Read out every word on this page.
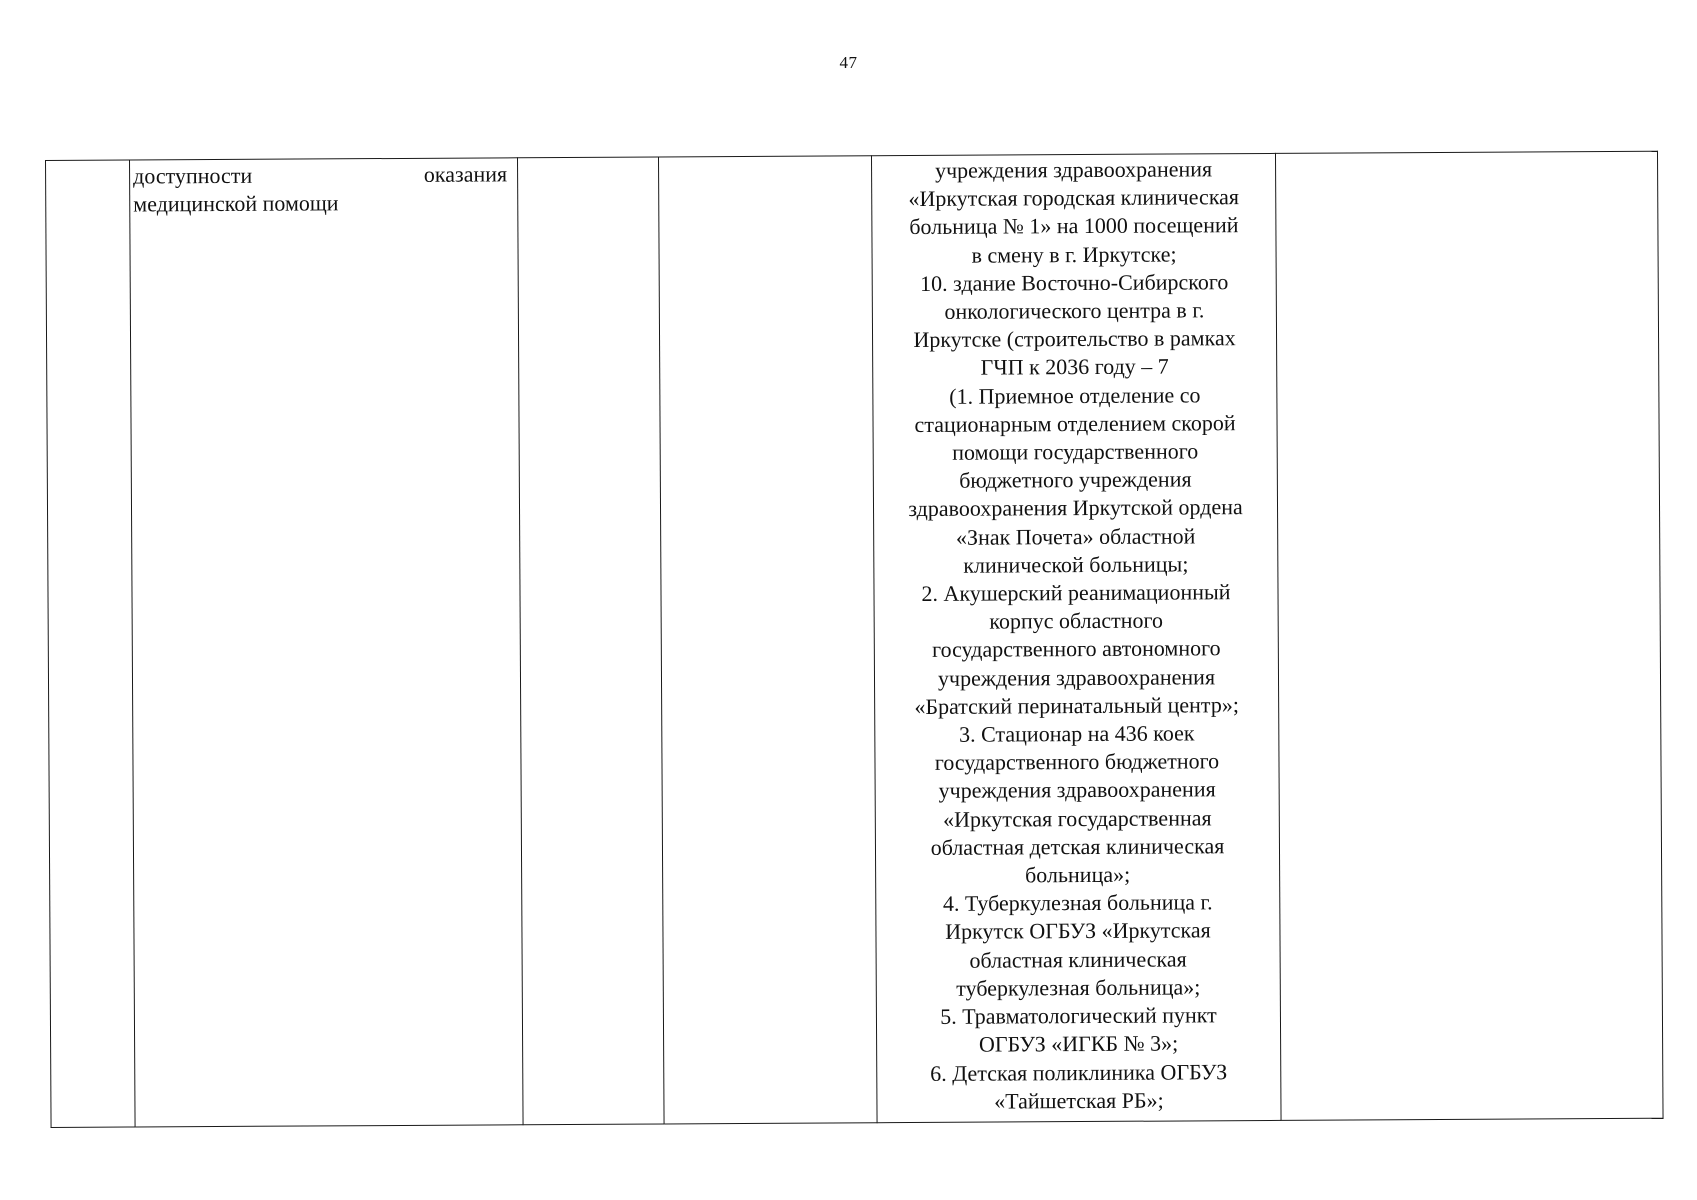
47

доступности оказания
медицинской помощи

учреждения здравоохранения
«Иркутская городская клиническая
больница № 1» на 1000 посещений
в смену в г. Иркутске;
10. здание Восточно-Сибирского
онкологического центра в г.
Иркутске (строительство в рамках
ГЧП к 2036 году – 7
(1. Приемное отделение со
стационарным отделением скорой
помощи государственного
бюджетного учреждения
здравоохранения Иркутской ордена
«Знак Почета» областной
клинической больницы;
2. Акушерский реанимационный
корпус областного
государственного автономного
учреждения здравоохранения
«Братский перинатальный центр»;
3. Стационар на 436 коек
государственного бюджетного
учреждения здравоохранения
«Иркутская государственная
областная детская клиническая
больница»;
4. Туберкулезная больница г.
Иркутск ОГБУЗ «Иркутская
областная клиническая
туберкулезная больница»;
5. Травматологический пункт
ОГБУЗ «ИГКБ № 3»;
6. Детская поликлиника ОГБУЗ
«Тайшетская РБ»;
